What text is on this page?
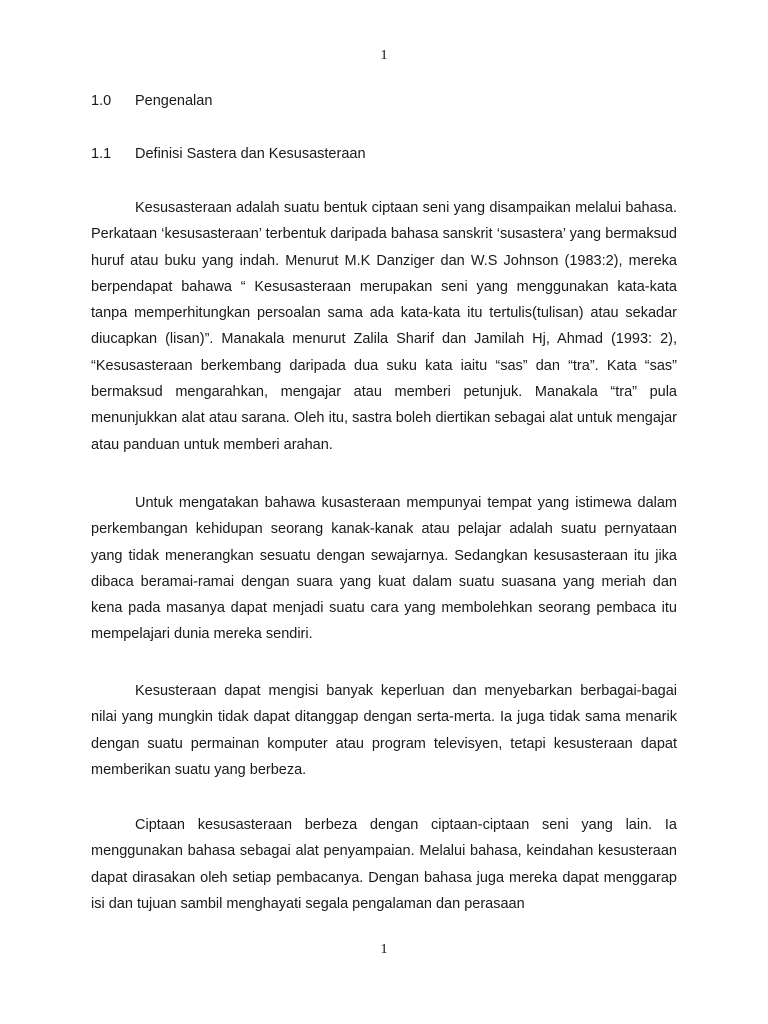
1
1.0 Pengenalan
1.1 Definisi Sastera dan Kesusasteraan

Kesusasteraan adalah suatu bentuk ciptaan seni yang disampaikan melalui bahasa. Perkataan ‘kesusasteraan’ terbentuk daripada bahasa sanskrit ‘susastera’ yang bermaksud huruf atau buku yang indah. Menurut M.K Danziger dan W.S Johnson (1983:2), mereka berpendapat bahawa “ Kesusasteraan merupakan seni yang menggunakan kata-kata tanpa memperhitungkan persoalan sama ada kata-kata itu tertulis(tulisan) atau sekadar diucapkan (lisan)”. Manakala menurut Zalila Sharif dan Jamilah Hj, Ahmad (1993: 2), “Kesusasteraan berkembang daripada dua suku kata iaitu “sas” dan “tra”. Kata “sas” bermaksud mengarahkan, mengajar atau memberi petunjuk. Manakala “tra” pula menunjukkan alat atau sarana. Oleh itu, sastra boleh diertikan sebagai alat untuk mengajar atau panduan untuk memberi arahan.

Untuk mengatakan bahawa kusasteraan mempunyai tempat yang istimewa dalam perkembangan kehidupan seorang kanak-kanak atau pelajar adalah suatu pernyataan yang tidak menerangkan sesuatu dengan sewajarnya. Sedangkan kesusasteraan itu jika dibaca beramai-ramai dengan suara yang kuat dalam suatu suasana yang meriah dan kena pada masanya dapat menjadi suatu cara yang membolehkan seorang pembaca itu mempelajari dunia mereka sendiri.

Kesusteraan dapat mengisi banyak keperluan dan menyebarkan berbagai-bagai nilai yang mungkin tidak dapat ditanggap dengan serta-merta. Ia juga tidak sama menarik dengan suatu permainan komputer atau program televisyen, tetapi kesusteraan dapat memberikan suatu yang berbeza.

Ciptaan kesusasteraan berbeza dengan ciptaan-ciptaan seni yang lain. Ia menggunakan bahasa sebagai alat penyampaian. Melalui bahasa, keindahan kesusteraan dapat dirasakan oleh setiap pembacanya. Dengan bahasa juga mereka dapat menggarap isi dan tujuan sambil menghayati segala pengalaman dan perasaan

1
